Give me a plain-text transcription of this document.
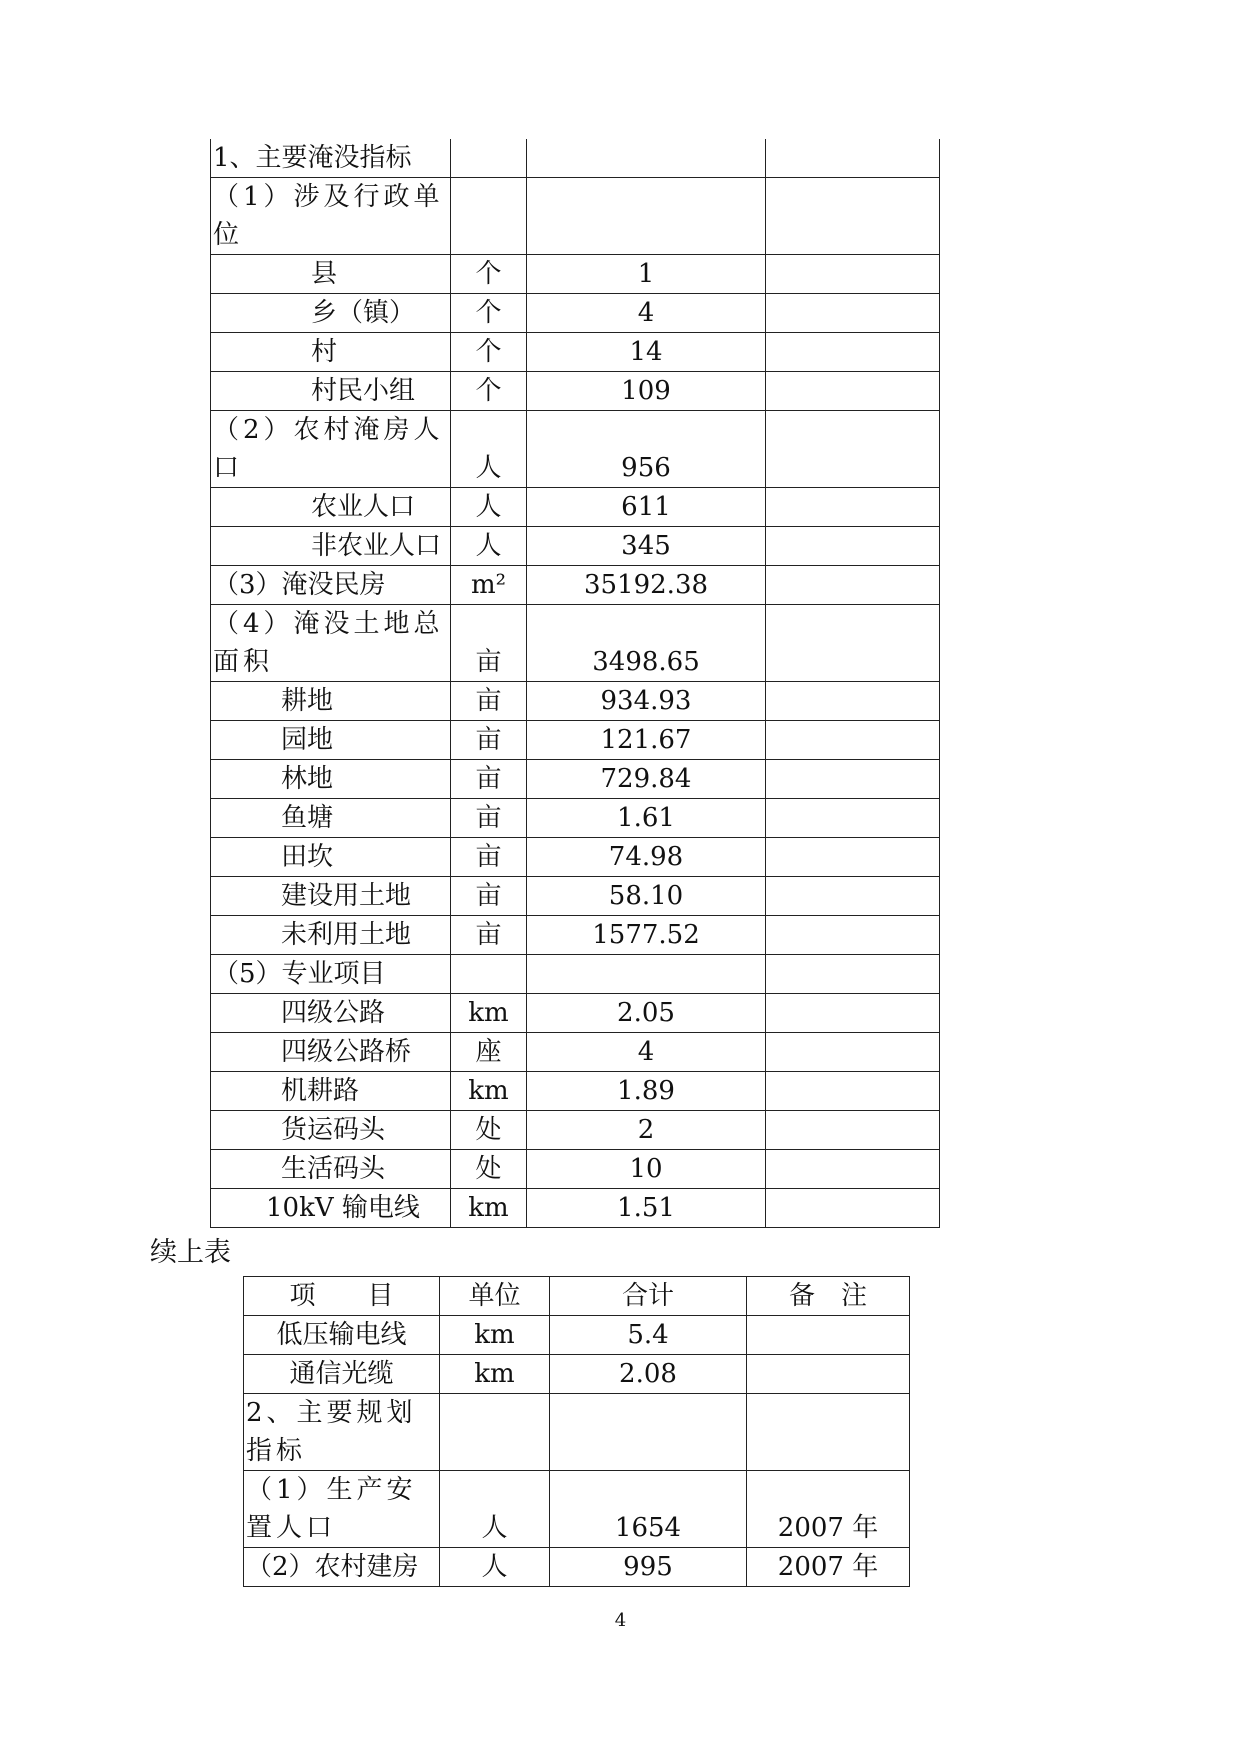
1、主要淹没指标			
（1）涉及行政单位			
县	个	1	
乡（镇）	个	4	
村	个	14	
村民小组	个	109	
（2）农村淹房人口	人	956	
农业人口	人	611	
非农业人口	人	345	
（3）淹没民房	m²	35192.38	
（4）淹没土地总面积	亩	3498.65	
耕地	亩	934.93	
园地	亩	121.67	
林地	亩	729.84	
鱼塘	亩	1.61	
田坎	亩	74.98	
建设用土地	亩	58.10	
未利用土地	亩	1577.52	
（5）专业项目			
四级公路	km	2.05	
四级公路桥	座	4	
机耕路	km	1.89	
货运码头	处	2	
生活码头	处	10	
10kV 输电线	km	1.51	
续上表
项　　目	单位	合计	备　注
低压输电线	km	5.4	
通信光缆	km	2.08	
2、主要规划指标			
（1）生产安置人口	人	1654	2007 年
（2）农村建房	人	995	2007 年
4
